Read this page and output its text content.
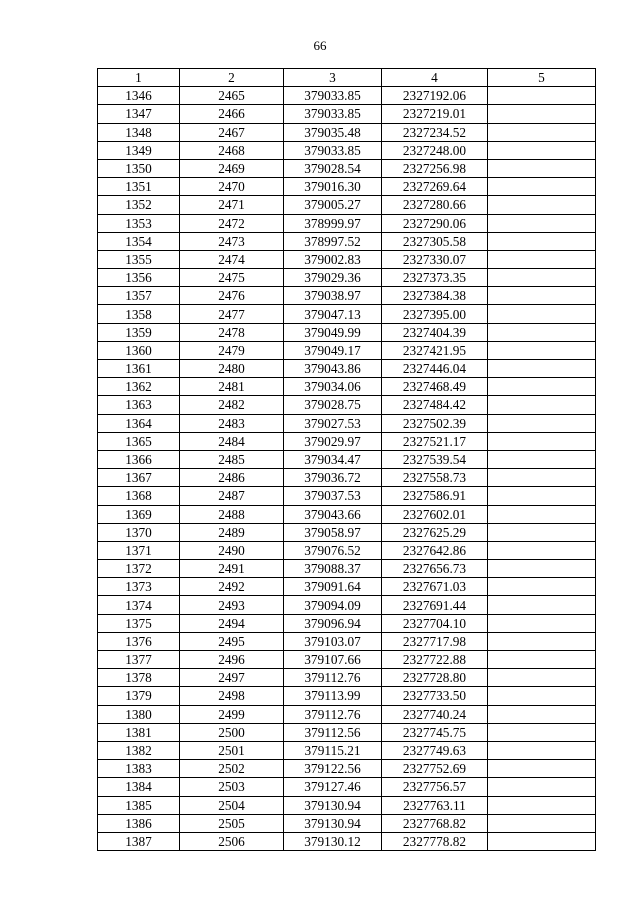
66
1	2	3	4	5
1346	2465	379033.85	2327192.06	
1347	2466	379033.85	2327219.01	
1348	2467	379035.48	2327234.52	
1349	2468	379033.85	2327248.00	
1350	2469	379028.54	2327256.98	
1351	2470	379016.30	2327269.64	
1352	2471	379005.27	2327280.66	
1353	2472	378999.97	2327290.06	
1354	2473	378997.52	2327305.58	
1355	2474	379002.83	2327330.07	
1356	2475	379029.36	2327373.35	
1357	2476	379038.97	2327384.38	
1358	2477	379047.13	2327395.00	
1359	2478	379049.99	2327404.39	
1360	2479	379049.17	2327421.95	
1361	2480	379043.86	2327446.04	
1362	2481	379034.06	2327468.49	
1363	2482	379028.75	2327484.42	
1364	2483	379027.53	2327502.39	
1365	2484	379029.97	2327521.17	
1366	2485	379034.47	2327539.54	
1367	2486	379036.72	2327558.73	
1368	2487	379037.53	2327586.91	
1369	2488	379043.66	2327602.01	
1370	2489	379058.97	2327625.29	
1371	2490	379076.52	2327642.86	
1372	2491	379088.37	2327656.73	
1373	2492	379091.64	2327671.03	
1374	2493	379094.09	2327691.44	
1375	2494	379096.94	2327704.10	
1376	2495	379103.07	2327717.98	
1377	2496	379107.66	2327722.88	
1378	2497	379112.76	2327728.80	
1379	2498	379113.99	2327733.50	
1380	2499	379112.76	2327740.24	
1381	2500	379112.56	2327745.75	
1382	2501	379115.21	2327749.63	
1383	2502	379122.56	2327752.69	
1384	2503	379127.46	2327756.57	
1385	2504	379130.94	2327763.11	
1386	2505	379130.94	2327768.82	
1387	2506	379130.12	2327778.82	
